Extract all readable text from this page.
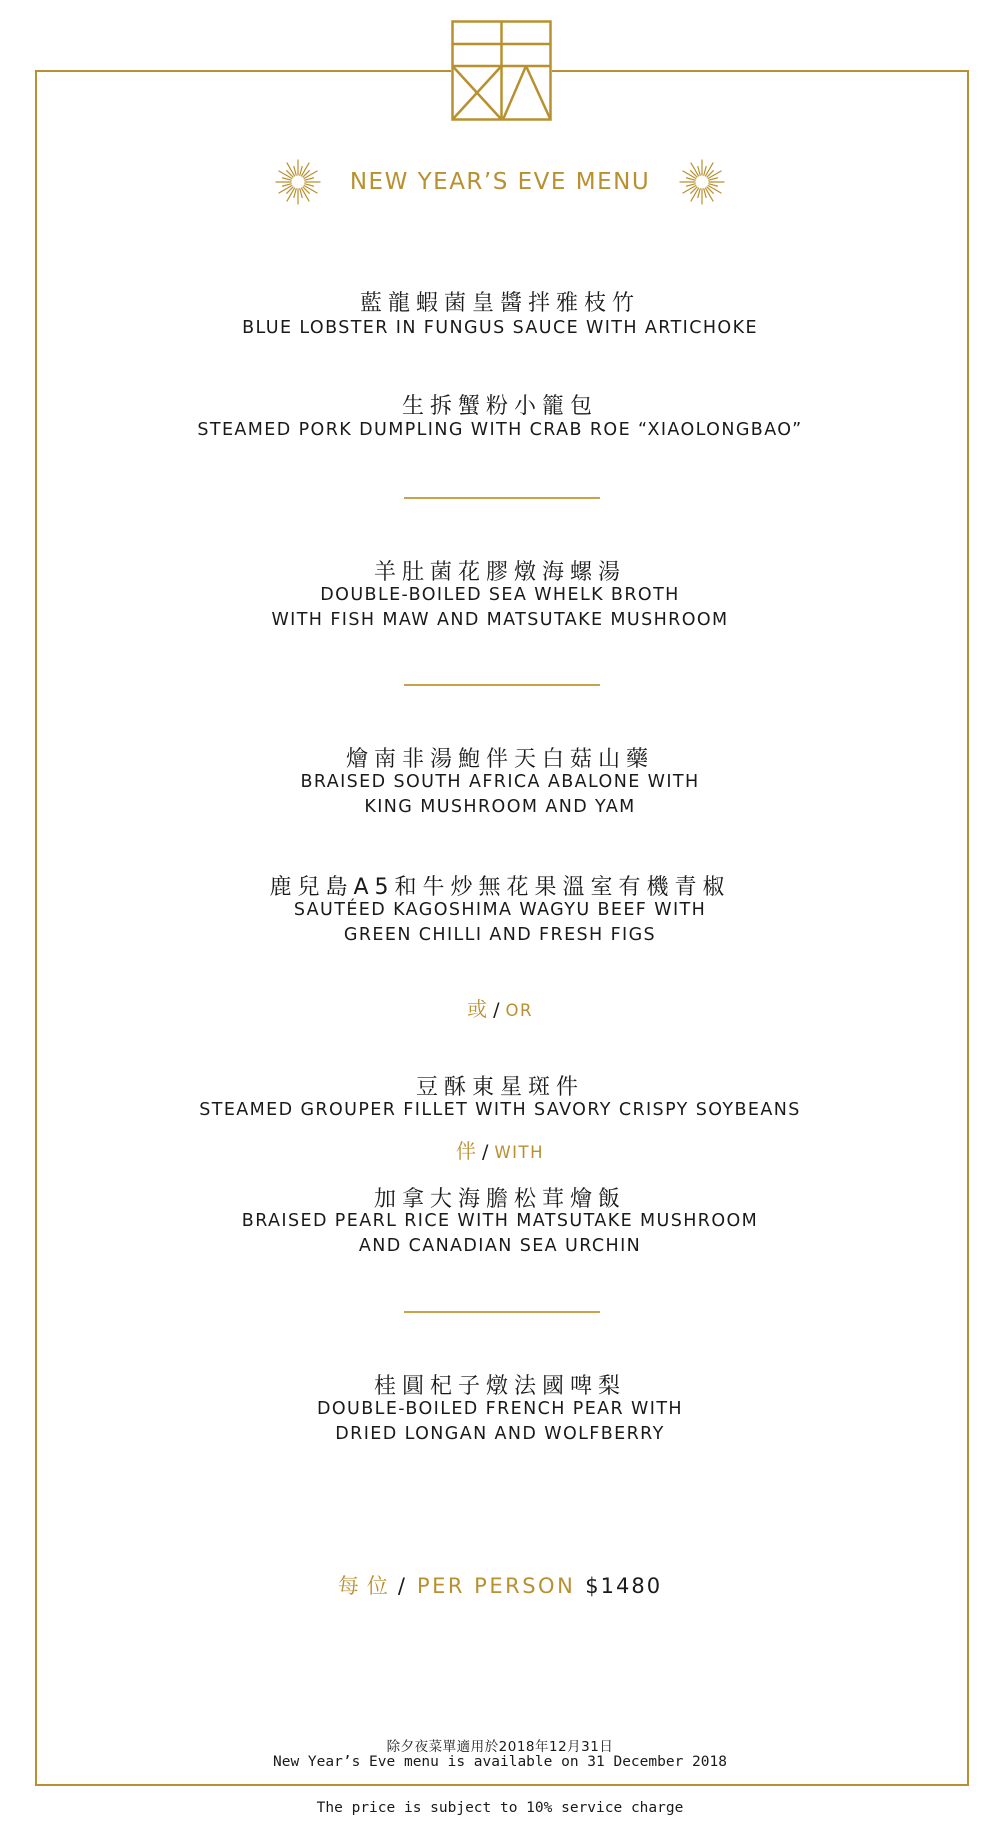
NEW YEAR’S EVE MENU
藍龍蝦菌皇醬拌雅枝竹
BLUE LOBSTER IN FUNGUS SAUCE WITH ARTICHOKE
生拆蟹粉小籠包
STEAMED PORK DUMPLING WITH CRAB ROE “XIAOLONGBAO”
羊肚菌花膠燉海螺湯
DOUBLE-BOILED SEA WHELK BROTH
WITH FISH MAW AND MATSUTAKE MUSHROOM
燴南非湯鮑伴天白菇山藥
BRAISED SOUTH AFRICA ABALONE WITH
KING MUSHROOM AND YAM
鹿兒島A5和牛炒無花果溫室有機青椒
SAUTÉED KAGOSHIMA WAGYU BEEF WITH
GREEN CHILLI AND FRESH FIGS
或 / OR
豆酥東星斑件
STEAMED GROUPER FILLET WITH SAVORY CRISPY SOYBEANS
伴 / WITH
加拿大海膽松茸燴飯
BRAISED PEARL RICE WITH MATSUTAKE MUSHROOM
AND CANADIAN SEA URCHIN
桂圓杞子燉法國啤梨
DOUBLE-BOILED FRENCH PEAR WITH
DRIED LONGAN AND WOLFBERRY
每位/ PER PERSON $1480
除夕夜菜單適用於2018年12月31日
New Year’s Eve menu is available on 31 December 2018
The price is subject to 10% service charge
